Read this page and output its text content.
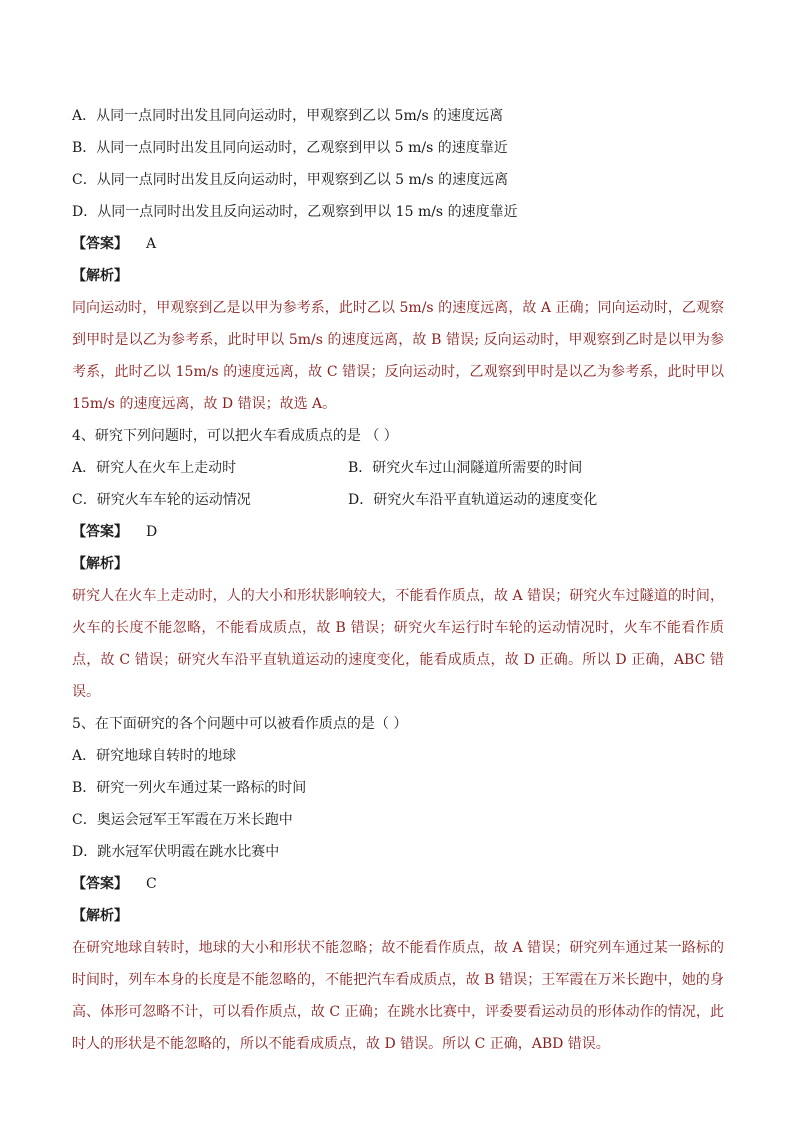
A．从同一点同时出发且同向运动时，甲观察到乙以 5m/s 的速度远离
B．从同一点同时出发且同向运动时，乙观察到甲以 5 m/s 的速度靠近
C．从同一点同时出发且反向运动时，甲观察到乙以 5 m/s 的速度远离
D．从同一点同时出发且反向运动时，乙观察到甲以 15 m/s 的速度靠近
【答案】 A
【解析】
同向运动时，甲观察到乙是以甲为参考系，此时乙以 5m/s 的速度远离，故 A 正确；同向运动时，乙观察到甲时是以乙为参考系，此时甲以 5m/s 的速度远离，故 B 错误; 反向运动时，甲观察到乙时是以甲为参考系，此时乙以 15m/s 的速度远离，故 C 错误；反向运动时，乙观察到甲时是以乙为参考系，此时甲以 15m/s 的速度远离，故 D 错误；故选 A。
4、研究下列问题时，可以把火车看成质点的是 （ ）
A．研究人在火车上走动时	B．研究火车过山洞隧道所需要的时间
C．研究火车车轮的运动情况	D．研究火车沿平直轨道运动的速度变化
【答案】 D
【解析】
研究人在火车上走动时，人的大小和形状影响较大，不能看作质点，故 A 错误；研究火车过隧道的时间，火车的长度不能忽略，不能看成质点，故 B 错误；研究火车运行时车轮的运动情况时，火车不能看作质点，故 C 错误；研究火车沿平直轨道运动的速度变化，能看成质点，故 D 正确。所以 D 正确，ABC 错误。
5、在下面研究的各个问题中可以被看作质点的是（ ）
A．研究地球自转时的地球
B．研究一列火车通过某一路标的时间
C．奥运会冠军王军霞在万米长跑中
D．跳水冠军伏明霞在跳水比赛中
【答案】 C
【解析】
在研究地球自转时，地球的大小和形状不能忽略；故不能看作质点，故 A 错误；研究列车通过某一路标的时间时，列车本身的长度是不能忽略的，不能把汽车看成质点，故 B 错误；王军霞在万米长跑中，她的身高、体形可忽略不计，可以看作质点，故 C 正确；在跳水比赛中，评委要看运动员的形体动作的情况，此时人的形状是不能忽略的，所以不能看成质点，故 D 错误。所以 C 正确，ABD 错误。
